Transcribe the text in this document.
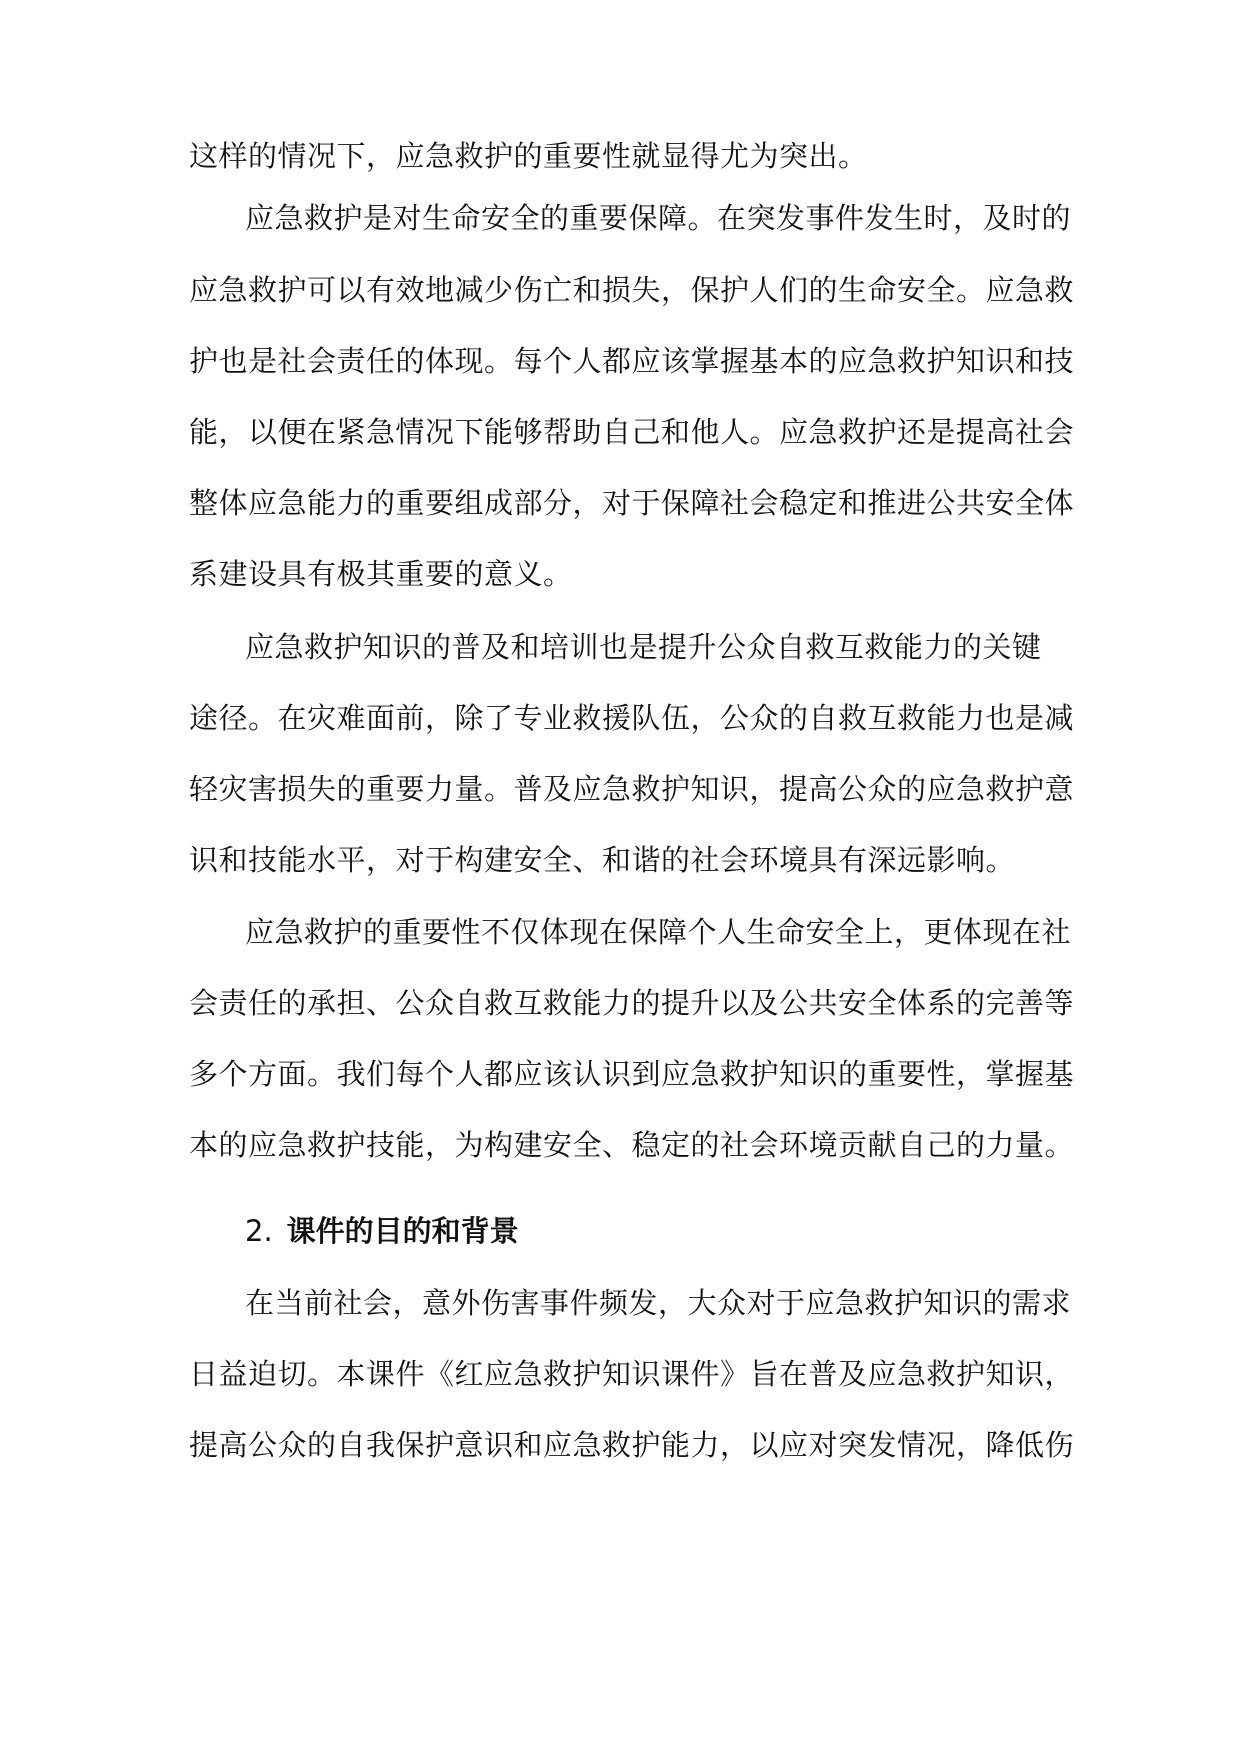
这样的情况下，应急救护的重要性就显得尤为突出。
应急救护是对生命安全的重要保障。在突发事件发生时，及时的
应急救护可以有效地减少伤亡和损失，保护人们的生命安全。应急救
护也是社会责任的体现。每个人都应该掌握基本的应急救护知识和技
能，以便在紧急情况下能够帮助自己和他人。应急救护还是提高社会
整体应急能力的重要组成部分，对于保障社会稳定和推进公共安全体
系建设具有极其重要的意义。
应急救护知识的普及和培训也是提升公众自救互救能力的关键
途径。在灾难面前，除了专业救援队伍，公众的自救互救能力也是减
轻灾害损失的重要力量。普及应急救护知识，提高公众的应急救护意
识和技能水平，对于构建安全、和谐的社会环境具有深远影响。
应急救护的重要性不仅体现在保障个人生命安全上，更体现在社
会责任的承担、公众自救互救能力的提升以及公共安全体系的完善等
多个方面。我们每个人都应该认识到应急救护知识的重要性，掌握基
本的应急救护技能，为构建安全、稳定的社会环境贡献自己的力量。
2. 课件的目的和背景
在当前社会，意外伤害事件频发，大众对于应急救护知识的需求
日益迫切。本课件《红应急救护知识课件》旨在普及应急救护知识，
提高公众的自我保护意识和应急救护能力，以应对突发情况，降低伤
